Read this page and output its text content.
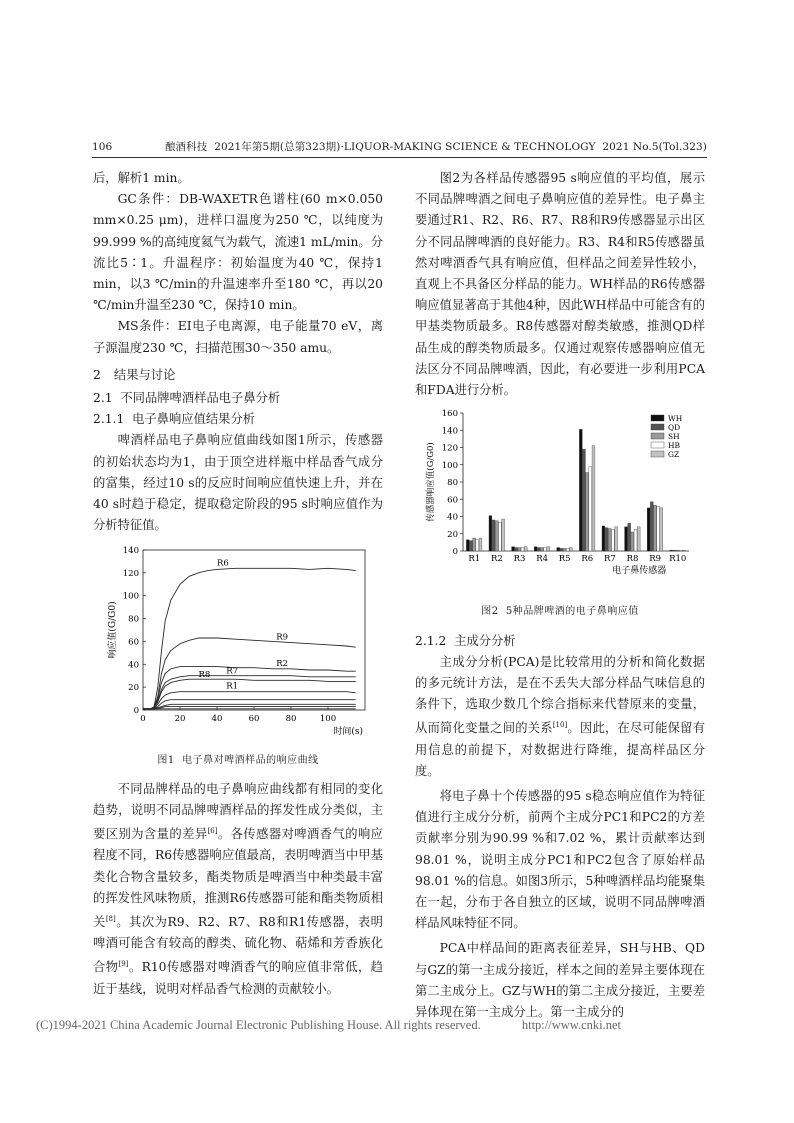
106	酿酒科技  2021年第5期(总第323期)·LIQUOR-MAKING SCIENCE & TECHNOLOGY  2021 No.5(Tol.323)

后，解析1 min。

GC条件：DB-WAXETR色谱柱(60 m×0.050 mm×0.25 μm)，进样口温度为250 ℃，以纯度为99.999 %的高纯度氦气为载气，流速1 mL/min。分流比5∶1。升温程序：初始温度为40 ℃，保持1 min，以3 ℃/min的升温速率升至180 ℃，再以20 ℃/min升温至230 ℃，保持10 min。

MS条件：EI电子电离源，电子能量70 eV，离子源温度230 ℃，扫描范围30～350 amu。

2 结果与讨论

2.1  不同品牌啤酒样品电子鼻分析

2.1.1  电子鼻响应值结果分析

啤酒样品电子鼻响应值曲线如图1所示，传感器的初始状态均为1，由于顶空进样瓶中样品香气成分的富集，经过10 s的反应时间响应值快速上升，并在40 s时趋于稳定，提取稳定阶段的95 s时响应值作为分析特征值。

0
20
40
60
80
100
120
140
0	20	40	60	80	100
响应值(G/G0)
时间(s)
R6
R9
R2
R7
R8
R1
图1  电子鼻对啤酒样品的响应曲线

不同品牌样品的电子鼻响应曲线都有相同的变化趋势，说明不同品牌啤酒样品的挥发性成分类似，主要区别为含量的差异[6]。各传感器对啤酒香气的响应程度不同，R6传感器响应值最高，表明啤酒当中甲基类化合物含量较多，酯类物质是啤酒当中种类最丰富的挥发性风味物质，推测R6传感器可能和酯类物质相关[8]。其次为R9、R2、R7、R8和R1传感器，表明啤酒可能含有较高的醇类、硫化物、萜烯和芳香族化合物[9]。R10传感器对啤酒香气的响应值非常低，趋近于基线，说明对样品香气检测的贡献较小。

图2为各样品传感器95 s响应值的平均值，展示不同品牌啤酒之间电子鼻响应值的差异性。电子鼻主要通过R1、R2、R6、R7、R8和R9传感器显示出区分不同品牌啤酒的良好能力。R3、R4和R5传感器虽然对啤酒香气具有响应值，但样品之间差异性较小，直观上不具备区分样品的能力。WH样品的R6传感器响应值显著高于其他4种，因此WH样品中可能含有的甲基类物质最多。R8传感器对醇类敏感，推测QD样品生成的醇类物质最多。仅通过观察传感器响应值无法区分不同品牌啤酒，因此，有必要进一步利用PCA和FDA进行分析。

0
20
40
60
80
100
120
140
160
传感器响应值(G/G0)
R1 R2 R3 R4 R5 R6 R7 R8 R9 R10
电子鼻传感器
WH
QD
SH
HB
GZ
图2  5种品牌啤酒的电子鼻响应值

2.1.2  主成分分析

主成分分析(PCA)是比较常用的分析和简化数据的多元统计方法，是在不丢失大部分样品气味信息的条件下，选取少数几个综合指标来代替原来的变量，从而简化变量之间的关系[10]。因此，在尽可能保留有用信息的前提下，对数据进行降维，提高样品区分度。

将电子鼻十个传感器的95 s稳态响应值作为特征值进行主成分分析，前两个主成分PC1和PC2的方差贡献率分别为90.99 %和7.02 %，累计贡献率达到98.01 %，说明主成分PC1和PC2包含了原始样品98.01 %的信息。如图3所示，5种啤酒样品均能聚集在一起，分布于各自独立的区域，说明不同品牌啤酒样品风味特征不同。

PCA中样品间的距离表征差异，SH与HB、QD与GZ的第一主成分接近，样本之间的差异主要体现在第二主成分上。GZ与WH的第二主成分接近，主要差异体现在第一主成分上。第一主成分的

(C)1994-2021 China Academic Journal Electronic Publishing House. All rights reserved.	http://www.cnki.net
